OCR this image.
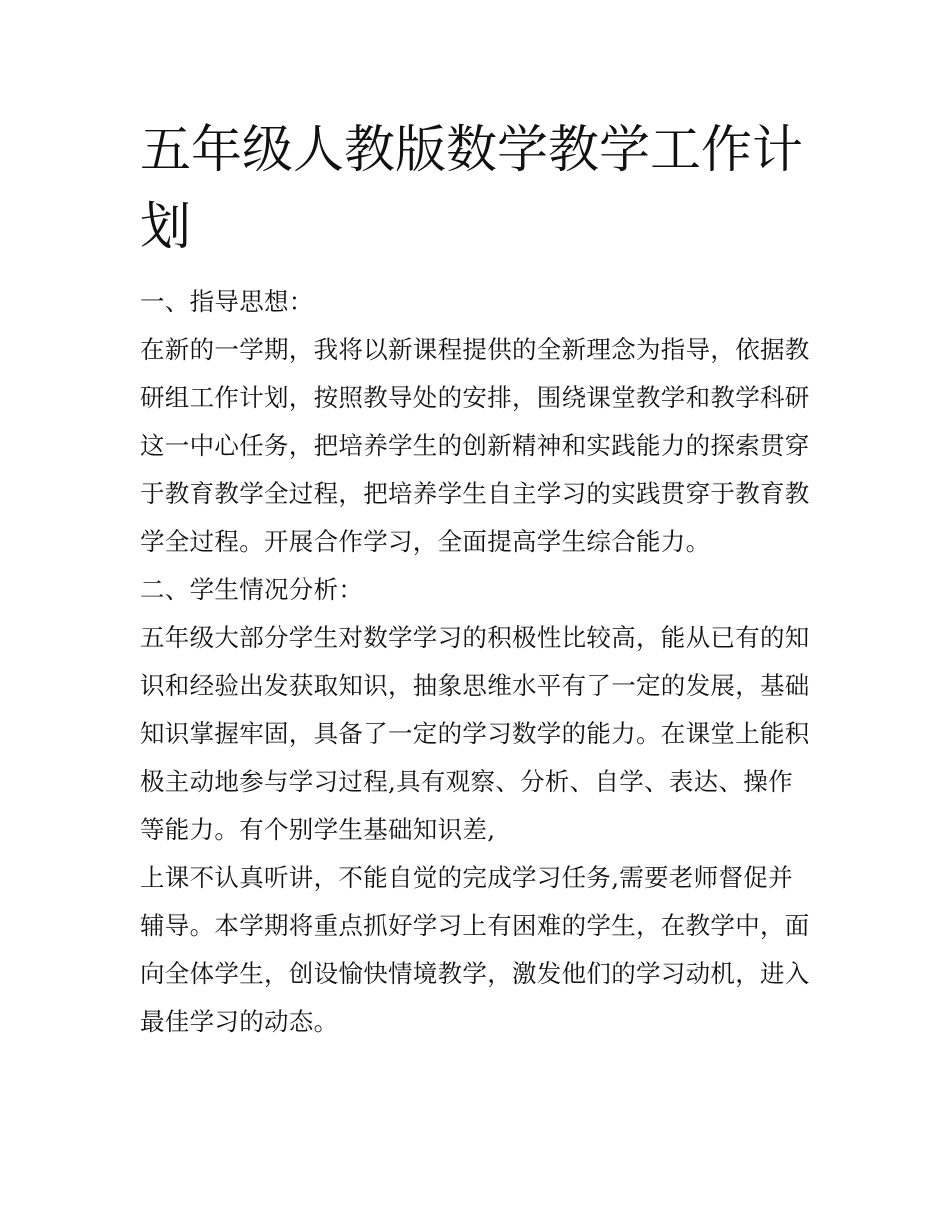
五年级人教版数学教学工作计
划
一、指导思想：
在新的一学期，我将以新课程提供的全新理念为指导，依据教
研组工作计划，按照教导处的安排，围绕课堂教学和教学科研
这一中心任务，把培养学生的创新精神和实践能力的探索贯穿
于教育教学全过程，把培养学生自主学习的实践贯穿于教育教
学全过程。开展合作学习，全面提高学生综合能力。
二、学生情况分析：
五年级大部分学生对数学学习的积极性比较高，能从已有的知
识和经验出发获取知识，抽象思维水平有了一定的发展，基础
知识掌握牢固，具备了一定的学习数学的能力。在课堂上能积
极主动地参与学习过程,具有观察、分析、自学、表达、操作
等能力。有个别学生基础知识差,
上课不认真听讲，不能自觉的完成学习任务,需要老师督促并
辅导。本学期将重点抓好学习上有困难的学生，在教学中，面
向全体学生，创设愉快情境教学，激发他们的学习动机，进入
最佳学习的动态。
